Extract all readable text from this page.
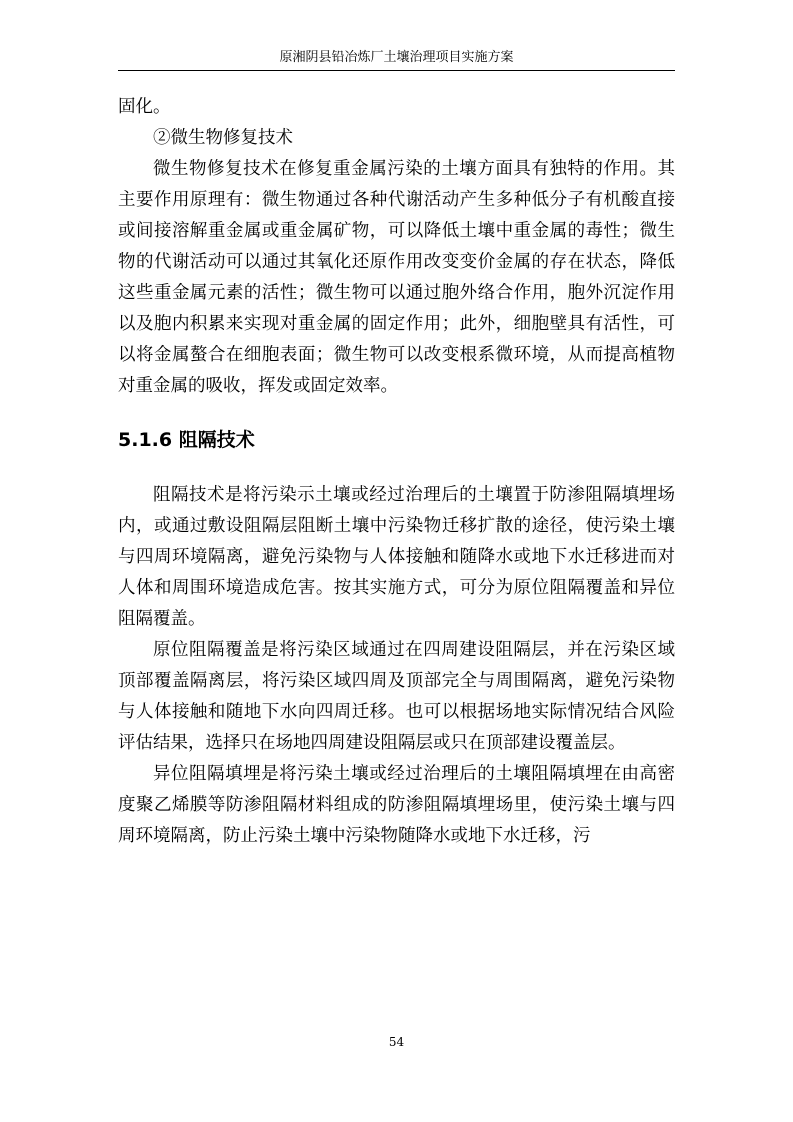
原湘阴县铅冶炼厂土壤治理项目实施方案

固化。

②微生物修复技术

微生物修复技术在修复重金属污染的土壤方面具有独特的作用。其主要作用原理有：微生物通过各种代谢活动产生多种低分子有机酸直接或间接溶解重金属或重金属矿物，可以降低土壤中重金属的毒性；微生物的代谢活动可以通过其氧化还原作用改变变价金属的存在状态，降低这些重金属元素的活性；微生物可以通过胞外络合作用，胞外沉淀作用以及胞内积累来实现对重金属的固定作用；此外，细胞壁具有活性，可以将金属螯合在细胞表面；微生物可以改变根系微环境，从而提高植物对重金属的吸收，挥发或固定效率。

5.1.6 阻隔技术

阻隔技术是将污染示土壤或经过治理后的土壤置于防渗阻隔填埋场内，或通过敷设阻隔层阻断土壤中污染物迁移扩散的途径，使污染土壤与四周环境隔离，避免污染物与人体接触和随降水或地下水迁移进而对人体和周围环境造成危害。按其实施方式，可分为原位阻隔覆盖和异位阻隔覆盖。

原位阻隔覆盖是将污染区域通过在四周建设阻隔层，并在污染区域顶部覆盖隔离层，将污染区域四周及顶部完全与周围隔离，避免污染物与人体接触和随地下水向四周迁移。也可以根据场地实际情况结合风险评估结果，选择只在场地四周建设阻隔层或只在顶部建设覆盖层。

异位阻隔填埋是将污染土壤或经过治理后的土壤阻隔填埋在由高密度聚乙烯膜等防渗阻隔材料组成的防渗阻隔填埋场里，使污染土壤与四周环境隔离，防止污染土壤中污染物随降水或地下水迁移，污

54
